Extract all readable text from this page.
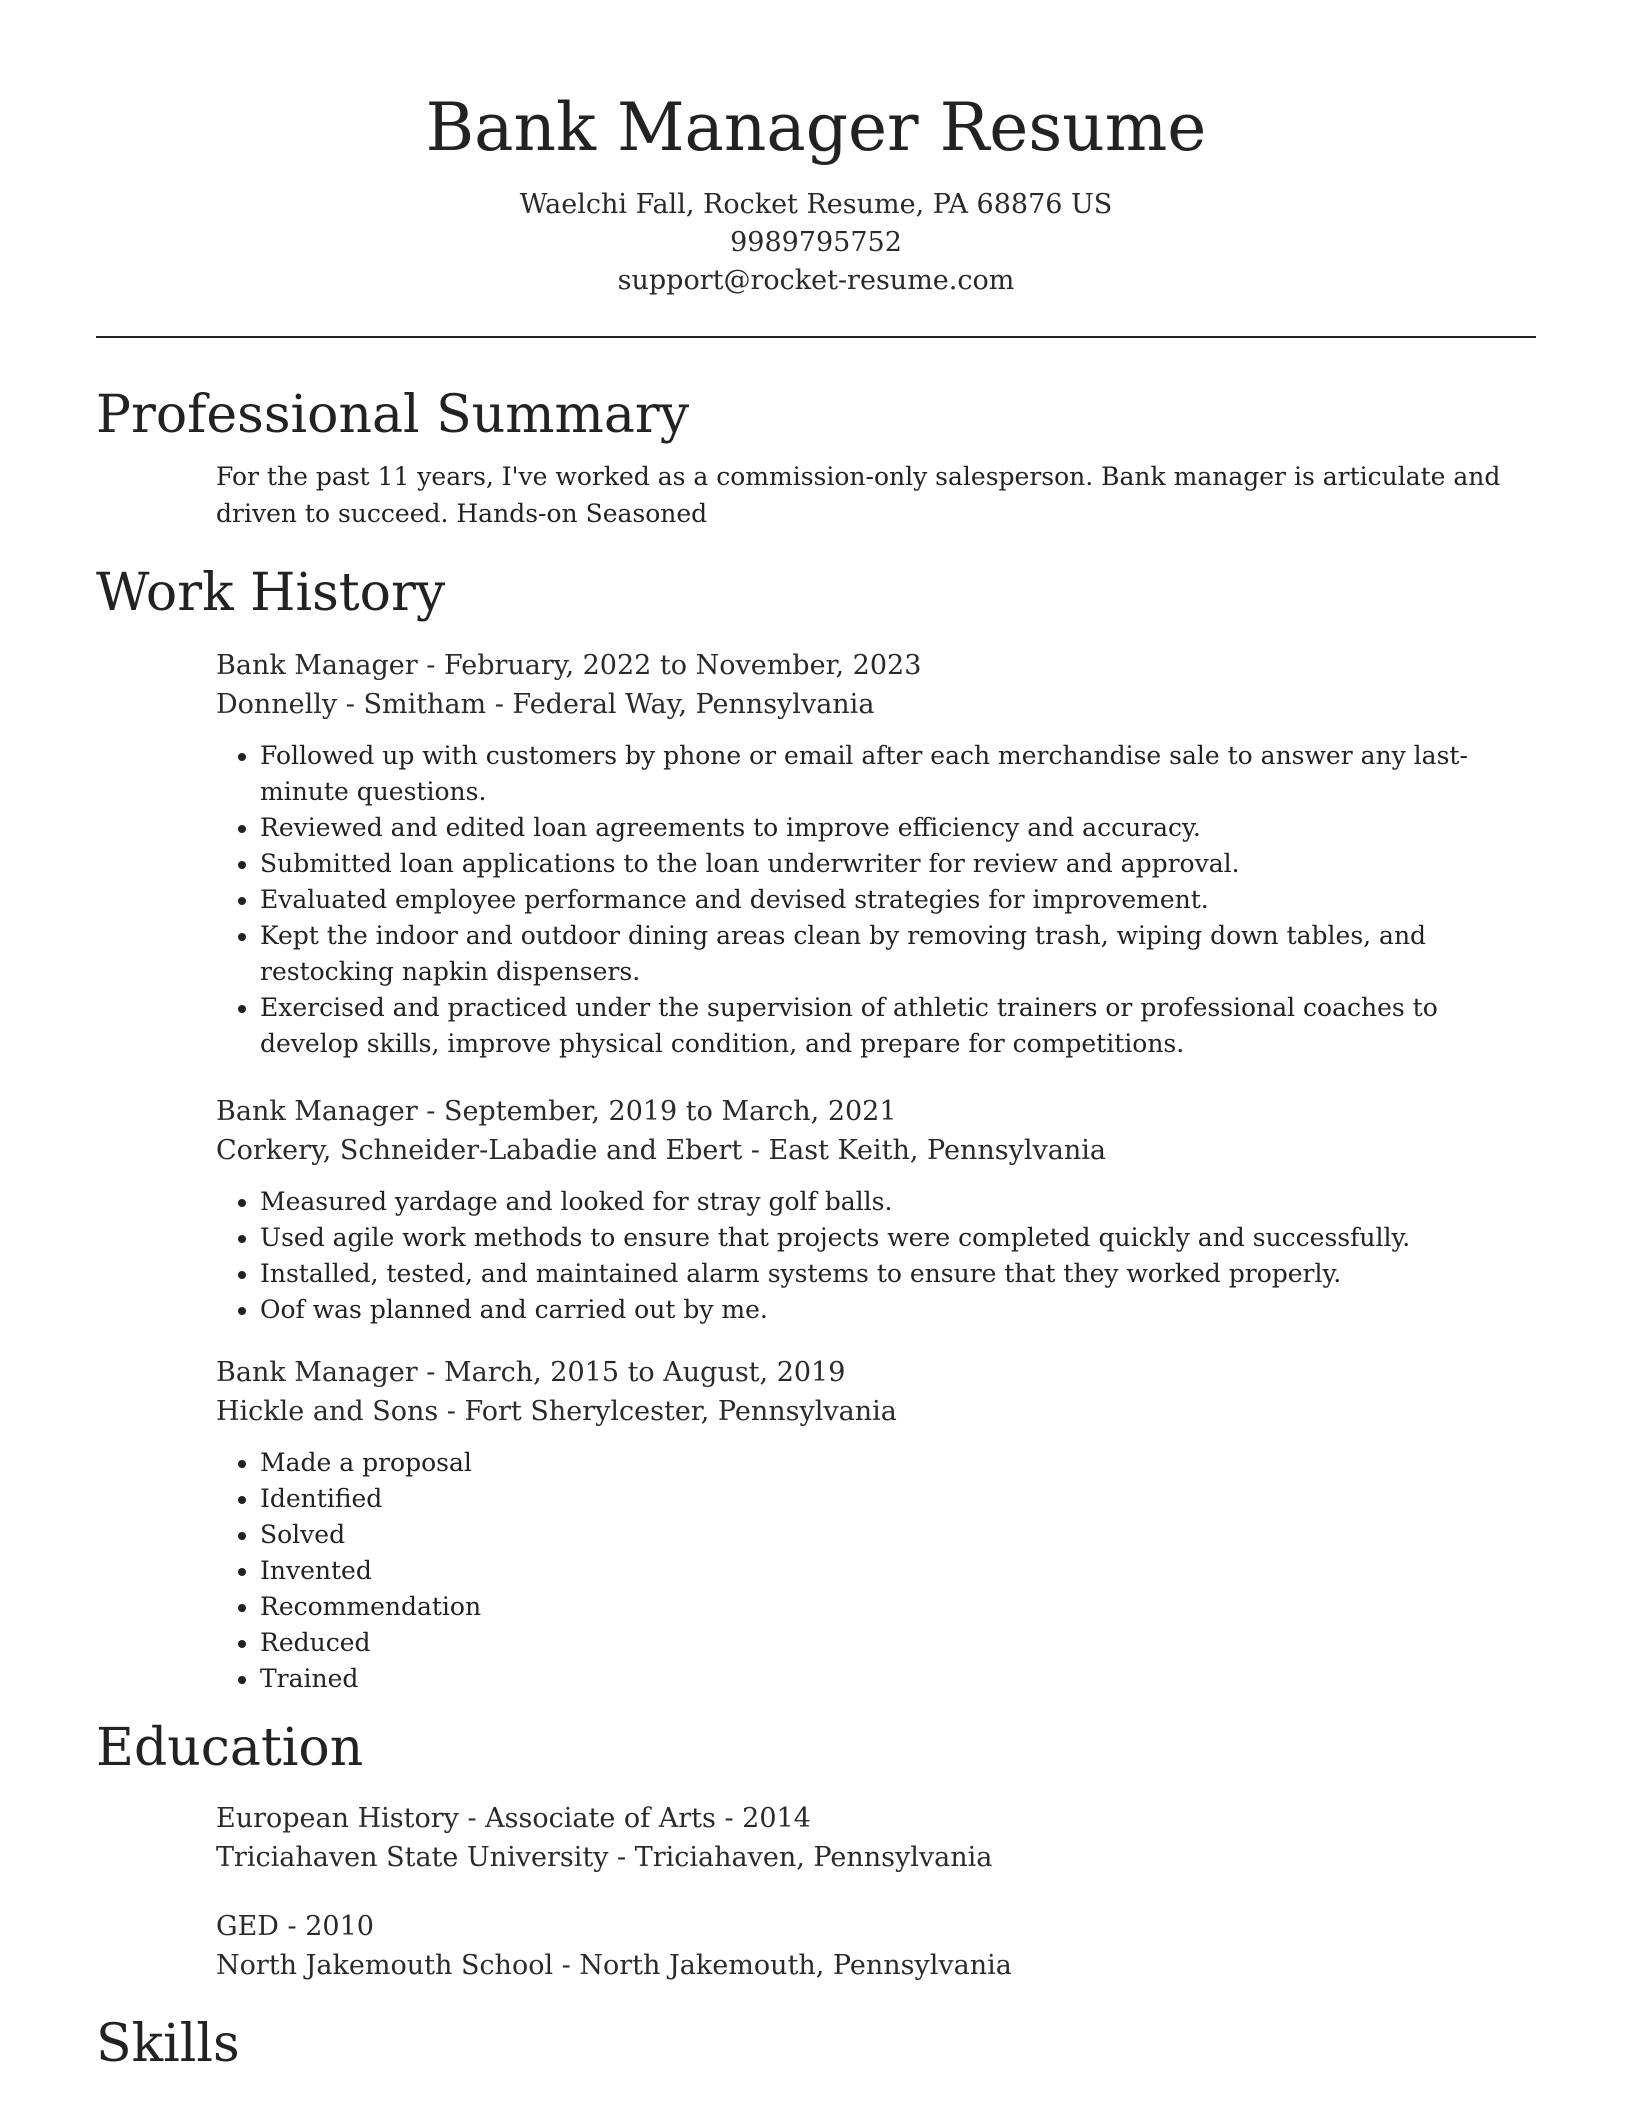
Bank Manager Resume
Waelchi Fall, Rocket Resume, PA 68876 US
9989795752
support@rocket-resume.com
Professional Summary
For the past 11 years, I've worked as a commission-only salesperson. Bank manager is articulate and driven to succeed. Hands-on Seasoned
Work History
Bank Manager - February, 2022 to November, 2023
Donnelly - Smitham - Federal Way, Pennsylvania
• Followed up with customers by phone or email after each merchandise sale to answer any last-minute questions.
• Reviewed and edited loan agreements to improve efficiency and accuracy.
• Submitted loan applications to the loan underwriter for review and approval.
• Evaluated employee performance and devised strategies for improvement.
• Kept the indoor and outdoor dining areas clean by removing trash, wiping down tables, and restocking napkin dispensers.
• Exercised and practiced under the supervision of athletic trainers or professional coaches to develop skills, improve physical condition, and prepare for competitions.
Bank Manager - September, 2019 to March, 2021
Corkery, Schneider-Labadie and Ebert - East Keith, Pennsylvania
• Measured yardage and looked for stray golf balls.
• Used agile work methods to ensure that projects were completed quickly and successfully.
• Installed, tested, and maintained alarm systems to ensure that they worked properly.
• Oof was planned and carried out by me.
Bank Manager - March, 2015 to August, 2019
Hickle and Sons - Fort Sherylcester, Pennsylvania
• Made a proposal
• Identified
• Solved
• Invented
• Recommendation
• Reduced
• Trained
Education
European History - Associate of Arts - 2014
Triciahaven State University - Triciahaven, Pennsylvania
GED - 2010
North Jakemouth School - North Jakemouth, Pennsylvania
Skills
